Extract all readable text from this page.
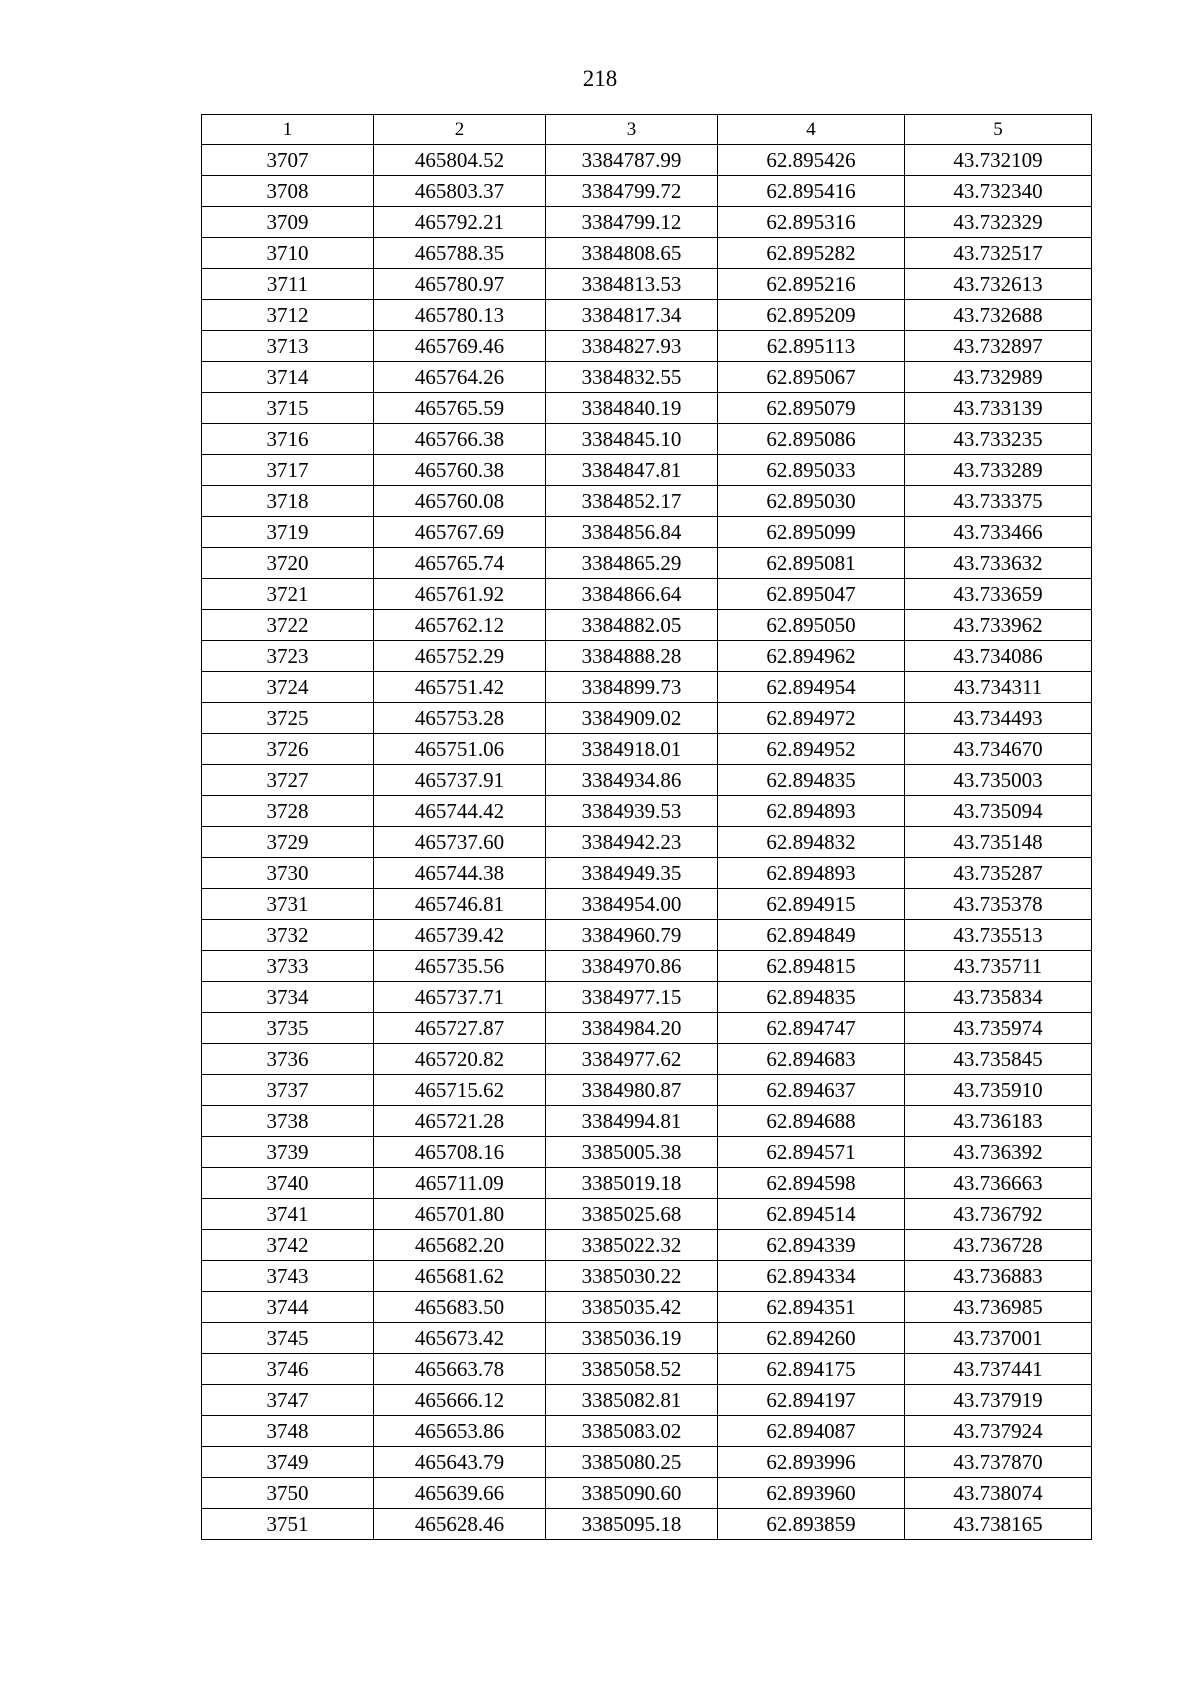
218
1	2	3	4	5
3707	465804.52	3384787.99	62.895426	43.732109
3708	465803.37	3384799.72	62.895416	43.732340
3709	465792.21	3384799.12	62.895316	43.732329
3710	465788.35	3384808.65	62.895282	43.732517
3711	465780.97	3384813.53	62.895216	43.732613
3712	465780.13	3384817.34	62.895209	43.732688
3713	465769.46	3384827.93	62.895113	43.732897
3714	465764.26	3384832.55	62.895067	43.732989
3715	465765.59	3384840.19	62.895079	43.733139
3716	465766.38	3384845.10	62.895086	43.733235
3717	465760.38	3384847.81	62.895033	43.733289
3718	465760.08	3384852.17	62.895030	43.733375
3719	465767.69	3384856.84	62.895099	43.733466
3720	465765.74	3384865.29	62.895081	43.733632
3721	465761.92	3384866.64	62.895047	43.733659
3722	465762.12	3384882.05	62.895050	43.733962
3723	465752.29	3384888.28	62.894962	43.734086
3724	465751.42	3384899.73	62.894954	43.734311
3725	465753.28	3384909.02	62.894972	43.734493
3726	465751.06	3384918.01	62.894952	43.734670
3727	465737.91	3384934.86	62.894835	43.735003
3728	465744.42	3384939.53	62.894893	43.735094
3729	465737.60	3384942.23	62.894832	43.735148
3730	465744.38	3384949.35	62.894893	43.735287
3731	465746.81	3384954.00	62.894915	43.735378
3732	465739.42	3384960.79	62.894849	43.735513
3733	465735.56	3384970.86	62.894815	43.735711
3734	465737.71	3384977.15	62.894835	43.735834
3735	465727.87	3384984.20	62.894747	43.735974
3736	465720.82	3384977.62	62.894683	43.735845
3737	465715.62	3384980.87	62.894637	43.735910
3738	465721.28	3384994.81	62.894688	43.736183
3739	465708.16	3385005.38	62.894571	43.736392
3740	465711.09	3385019.18	62.894598	43.736663
3741	465701.80	3385025.68	62.894514	43.736792
3742	465682.20	3385022.32	62.894339	43.736728
3743	465681.62	3385030.22	62.894334	43.736883
3744	465683.50	3385035.42	62.894351	43.736985
3745	465673.42	3385036.19	62.894260	43.737001
3746	465663.78	3385058.52	62.894175	43.737441
3747	465666.12	3385082.81	62.894197	43.737919
3748	465653.86	3385083.02	62.894087	43.737924
3749	465643.79	3385080.25	62.893996	43.737870
3750	465639.66	3385090.60	62.893960	43.738074
3751	465628.46	3385095.18	62.893859	43.738165
